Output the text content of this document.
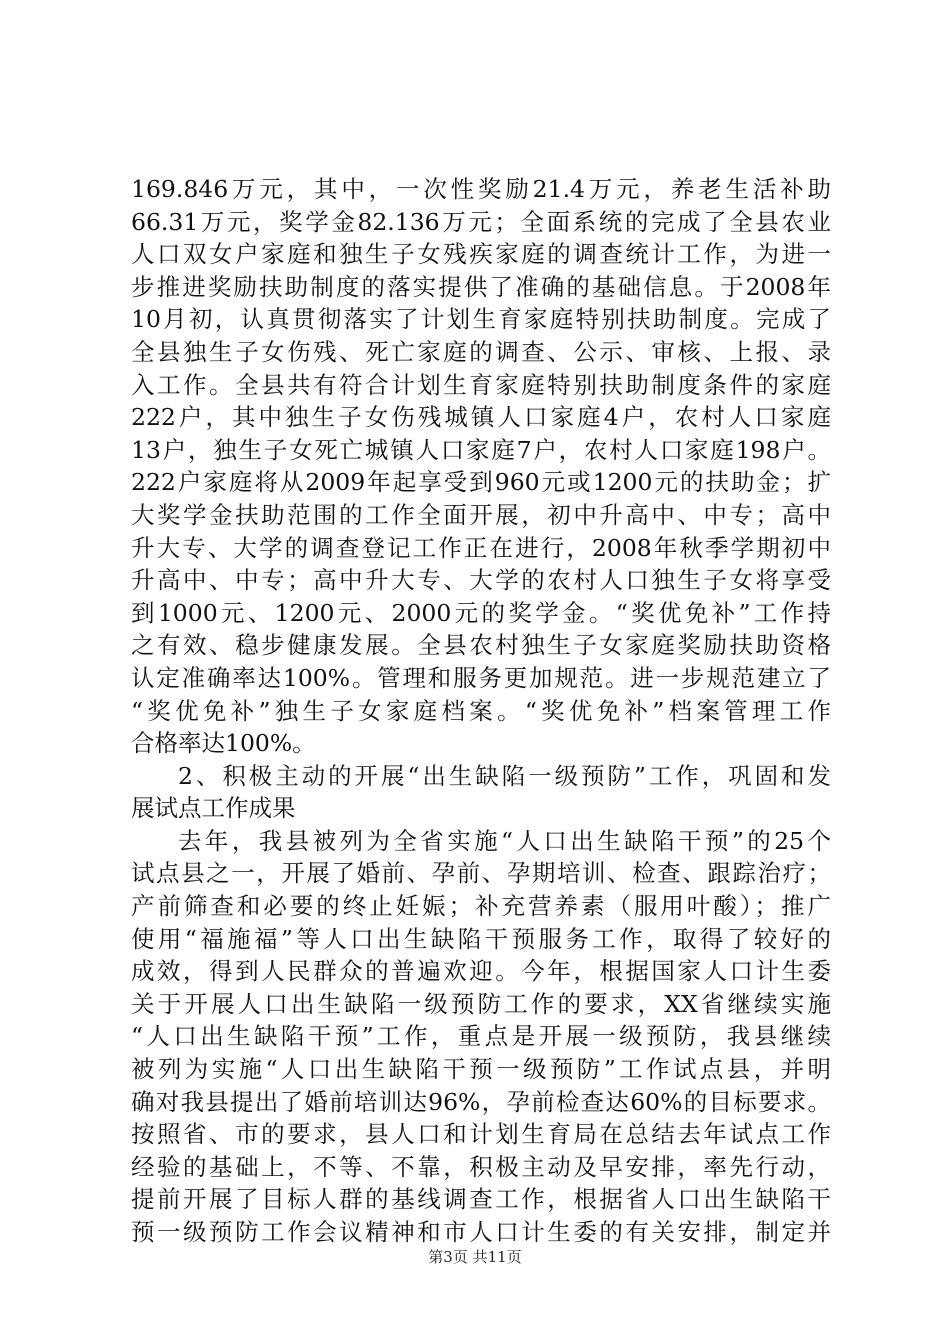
169.846万元，其中，一次性奖励21.4万元，养老生活补助
66.31万元，奖学金82.136万元；全面系统的完成了全县农业
人口双女户家庭和独生子女残疾家庭的调查统计工作，为进一
步推进奖励扶助制度的落实提供了准确的基础信息。于2008年
10月初，认真贯彻落实了计划生育家庭特别扶助制度。完成了
全县独生子女伤残、死亡家庭的调查、公示、审核、上报、录
入工作。全县共有符合计划生育家庭特别扶助制度条件的家庭
222户，其中独生子女伤残城镇人口家庭4户，农村人口家庭
13户，独生子女死亡城镇人口家庭7户，农村人口家庭198户。
222户家庭将从2009年起享受到960元或1200元的扶助金；扩
大奖学金扶助范围的工作全面开展，初中升高中、中专；高中
升大专、大学的调查登记工作正在进行，2008年秋季学期初中
升高中、中专；高中升大专、大学的农村人口独生子女将享受
到1000元、1200元、2000元的奖学金。“奖优免补”工作持
之有效、稳步健康发展。全县农村独生子女家庭奖励扶助资格
认定准确率达100%。管理和服务更加规范。进一步规范建立了
“奖优免补”独生子女家庭档案。“奖优免补”档案管理工作
合格率达100%。
2、积极主动的开展“出生缺陷一级预防”工作，巩固和发
展试点工作成果
去年，我县被列为全省实施“人口出生缺陷干预”的25个
试点县之一，开展了婚前、孕前、孕期培训、检查、跟踪治疗；
产前筛查和必要的终止妊娠；补充营养素（服用叶酸）；推广
使用“福施福”等人口出生缺陷干预服务工作，取得了较好的
成效，得到人民群众的普遍欢迎。今年，根据国家人口计生委
关于开展人口出生缺陷一级预防工作的要求，XX省继续实施
“人口出生缺陷干预”工作，重点是开展一级预防，我县继续
被列为实施“人口出生缺陷干预一级预防”工作试点县，并明
确对我县提出了婚前培训达96%，孕前检查达60%的目标要求。
按照省、市的要求，县人口和计划生育局在总结去年试点工作
经验的基础上，不等、不靠，积极主动及早安排，率先行动，
提前开展了目标人群的基线调查工作，根据省人口出生缺陷干
预一级预防工作会议精神和市人口计生委的有关安排，制定并
第3页 共11页
